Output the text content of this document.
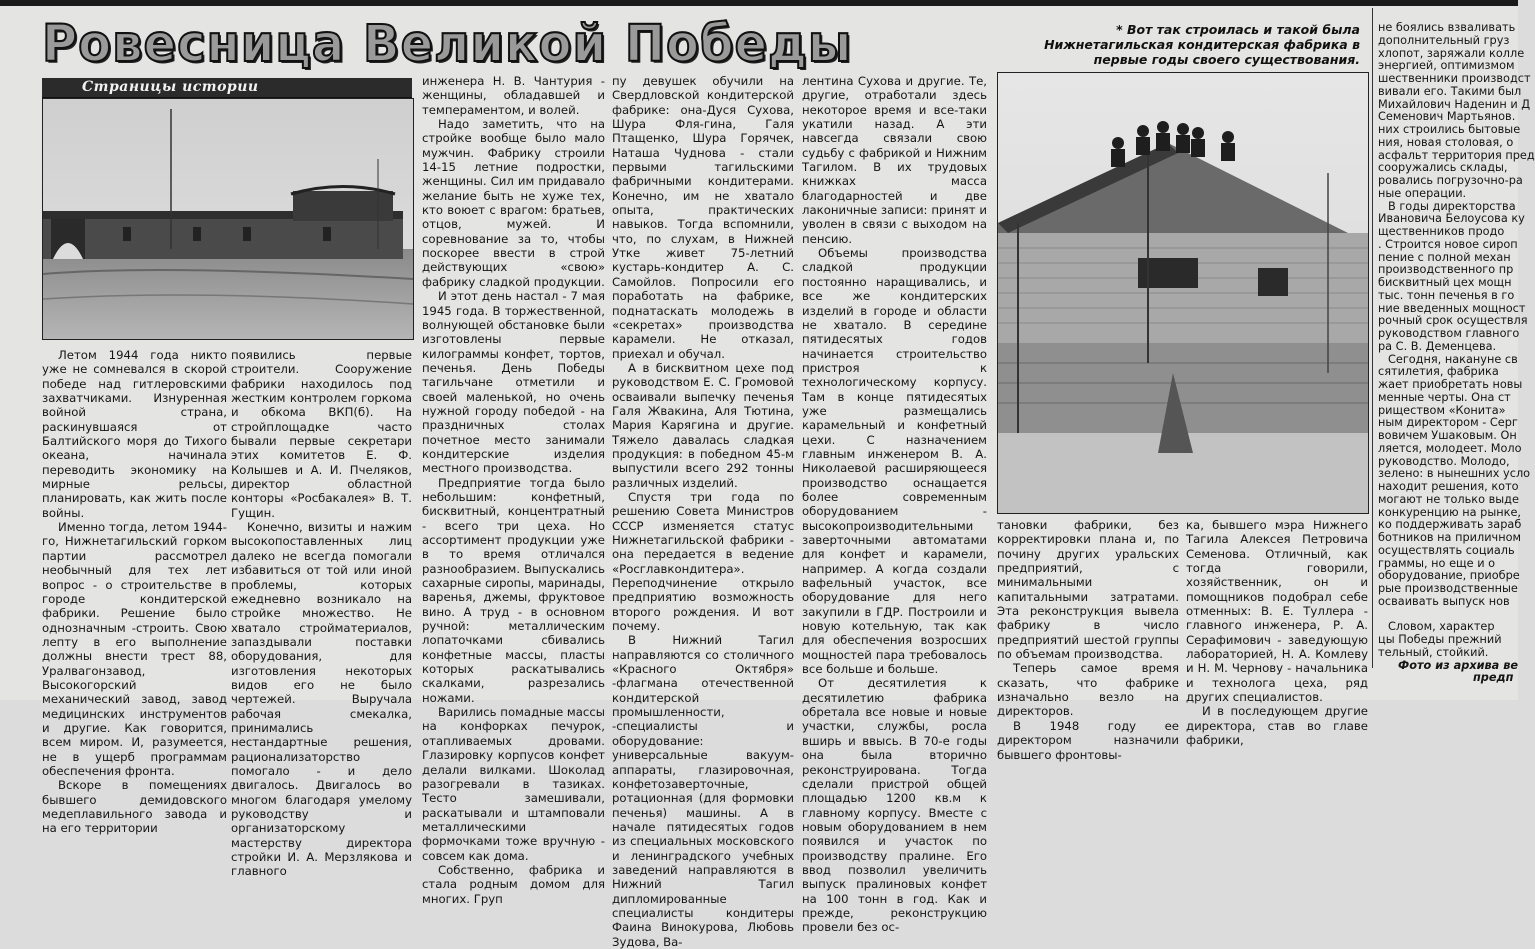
Ровесница Великой Победы	* Вот так строилась и такой была Нижнетагильская кондитерская фабрика в первые годы своего существования.
Страницы истории

Летом 1944 года никто уже не сомневался в скорой победе над гитлеровскими захватчиками. Изнуренная войной страна, раскинувшаяся от Балтийского моря до Тихого океана, начинала переводить экономику на мирные рельсы, планировать, как жить после войны.

Именно тогда, летом 1944-го, Нижнетагильский горком партии рассмотрел необычный для тех лет вопрос - о строительстве в городе кондитерской фабрики. Решение было однозначным -строить. Свою лепту в его выполнение должны внести трест 88, Уралвагонзавод, Высокогорский механический завод, завод медицинских инструментов и другие. Как говорится, всем миром. И, разумеется, не в ущерб программам обеспечения фронта.

Вскоре в помещениях бывшего демидовского медеплавильного завода и на его территории

появились первые строители. Сооружение фабрики находилось под жестким контролем горкома и обкома ВКП(б). На стройплощадке часто бывали первые секретари этих комитетов Е. Ф. Колышев и А. И. Пчеляков, директор областной конторы «Росбакалея» В. Т. Гущин.

Конечно, визиты и нажим высокопоставленных лиц далеко не всегда помогали избавиться от той или иной проблемы, которых ежедневно возникало на стройке множество. Не хватало стройматериалов, запаздывали поставки оборудования, для изготовления некоторых видов его не было чертежей. Выручала рабочая смекалка, принимались нестандартные решения, рационализаторство помогало - и дело двигалось. Двигалось во многом благодаря умелому руководству и организаторскому мастерству директора стройки И. А. Мерзлякова и главного

инженера Н. В. Чантурия - женщины, обладавшей и темпераментом, и волей.

Надо заметить, что на стройке вообще было мало мужчин. Фабрику строили 14-15 летние подростки, женщины. Сил им придавало желание быть не хуже тех, кто воюет с врагом: братьев, отцов, мужей. И соревнование за то, чтобы поскорее ввести в строй действующих «свою» фабрику сладкой продукции.

И этот день настал - 7 мая 1945 года. В торжественной, волнующей обстановке были изготовлены первые килограммы конфет, тортов, печенья. День Победы тагильчане отметили и своей маленькой, но очень нужной городу победой - на праздничных столах почетное место занимали кондитерские изделия местного производства.

Предприятие тогда было небольшим: конфетный, бисквитный, концентратный - всего три цеха. Но ассортимент продукции уже в то время отличался разнообразием. Выпускались сахарные сиропы, маринады, варенья, джемы, фруктовое вино. А труд - в основном ручной: металлическим лопаточками сбивались конфетные массы, пласты которых раскатывались скалками, разрезались ножами.

Варились помадные массы на конфорках печурок, отапливаемых дровами. Глазировку корпусов конфет делали вилками. Шоколад разогревали в тазиках. Тесто замешивали, раскатывали и штамповали металлическими формочками тоже вручную - совсем как дома.

Собственно, фабрика и стала родным домом для многих. Груп

пу девушек обучили на Свердловской кондитерской фабрике: она-Дуся Сухова, Шура Фля-гина, Галя Птащенко, Шура Горячек, Наташа Чуднова - стали первыми тагильскими фабричными кондитерами. Конечно, им не хватало опыта, практических навыков. Тогда вспомнили, что, по слухам, в Нижней Утке живет 75-летний кустарь-кондитер А. С. Самойлов. Попросили его поработать на фабрике, поднатаскать молодежь в «секретах» производства карамели. Не отказал, приехал и обучал.

А в бисквитном цехе под руководством Е. С. Громовой осваивали выпечку печенья Галя Жвакина, Аля Тютина, Мария Карягина и другие. Тяжело давалась сладкая продукция: в победном 45-м выпустили всего 292 тонны различных изделий.

Спустя три года по решению Совета Министров СССР изменяется статус Нижнетагильской фабрики - она передается в ведение «Росглавкондитера». Переподчинение открыло предприятию возможность второго рождения. И вот почему.

В Нижний Тагил направляются со столичного «Красного Октября» -флагмана отечественной кондитерской промышленности, -специалисты и оборудование: универсальные вакуум-аппараты, глазировочная, конфетозаверточные, ротационная (для формовки печенья) машины. А в начале пятидесятых годов из специальных московского и ленинградского учебных заведений направляются в Нижний Тагил дипломированные специалисты кондитеры Фаина Винокурова, Любовь Зудова, Ва-

лентина Сухова и другие. Те, другие, отработали здесь некоторое время и все-таки укатили назад. А эти навсегда связали свою судьбу с фабрикой и Нижним Тагилом. В их трудовых книжках масса благодарностей и две лаконичные записи: принят и уволен в связи с выходом на пенсию.

Объемы производства сладкой продукции постоянно наращивались, и все же кондитерских изделий в городе и области не хватало. В середине пятидесятых годов начинается строительство пристроя к технологическому корпусу. Там в конце пятидесятых уже размещались карамельный и конфетный цехи. С назначением главным инженером В. А. Николаевой расширяющееся производство оснащается более современным оборудованием - высокопроизводительными заверточными автоматами для конфет и карамели, например. А когда создали вафельный участок, все оборудование для него закупили в ГДР. Построили и новую котельную, так как для обеспечения возросших мощностей пара требовалось все больше и больше.

От десятилетия к десятилетию фабрика обретала все новые и новые участки, службы, росла вширь и ввысь. В 70-е годы она была вторично реконструирована. Тогда сделали пристрой общей площадью 1200 кв.м к главному корпусу. Вместе с новым оборудованием в нем появился и участок по производству пралине. Его ввод позволил увеличить выпуск пралиновых конфет на 100 тонн в год. Как и прежде, реконструкцию провели без ос-

тановки фабрики, без корректировки плана и, по почину других уральских предприятий, с минимальными капитальными затратами. Эта реконструкция вывела фабрику в число предприятий шестой группы по объемам производства.

Теперь самое время сказать, что фабрике изначально везло на директоров.

В 1948 году ее директором назначили бывшего фронтовы-

ка, бывшего мэра Нижнего Тагила Алексея Петровича Семенова. Отличный, как тогда говорили, хозяйственник, он и помощников подобрал себе отменных: В. Е. Туллера - главного инженера, Р. А. Серафимович - заведующую лабораторией, Н. А. Комлеву и Н. М. Чернову - начальника и технолога цеха, ряд других специалистов.

И в последующем другие директора, став во главе фабрики,

не боялись взваливать

дополнительный груз

хлопот, заряжали колле

энергией, оптимизмом

шественники производст

вивали его. Такими был

Михайлович Наденин и Д

Семенович Мартьянов.

них строились бытовые

ния, новая столовая, о

асфальт территория пред

сооружались склады,

ровались погрузочно-ра

ные операции.

В годы директорства

Ивановича Белоусова ку

щественников продо

. Строится новое сироп

пение с полной механ

производственного пр

бисквитный цех мощн

тыс. тонн печенья в го

ние введенных мощност

рочный срок осуществля

руководством главного

ра С. В. Деменцева.

Сегодня, накануне св

сятилетия, фабрика

жает приобретать новы

менные черты. Она ст

риществом «Конита»

ным директором - Серг

вовичем Ушаковым. Он

ляется, молодеет. Моло

руководство. Молодо,

зелено: в нынешних усло

находит решения, кото

могают не только выде

конкуренцию на рынке,

ко поддерживать зараб

ботников на приличном

осуществлять социаль

граммы, но еще и о

оборудование, приобре

рые производственные

осваивать выпуск нов

Словом, характер

цы Победы прежний

тельный, стойкий.

Фото из архива ве

предп
